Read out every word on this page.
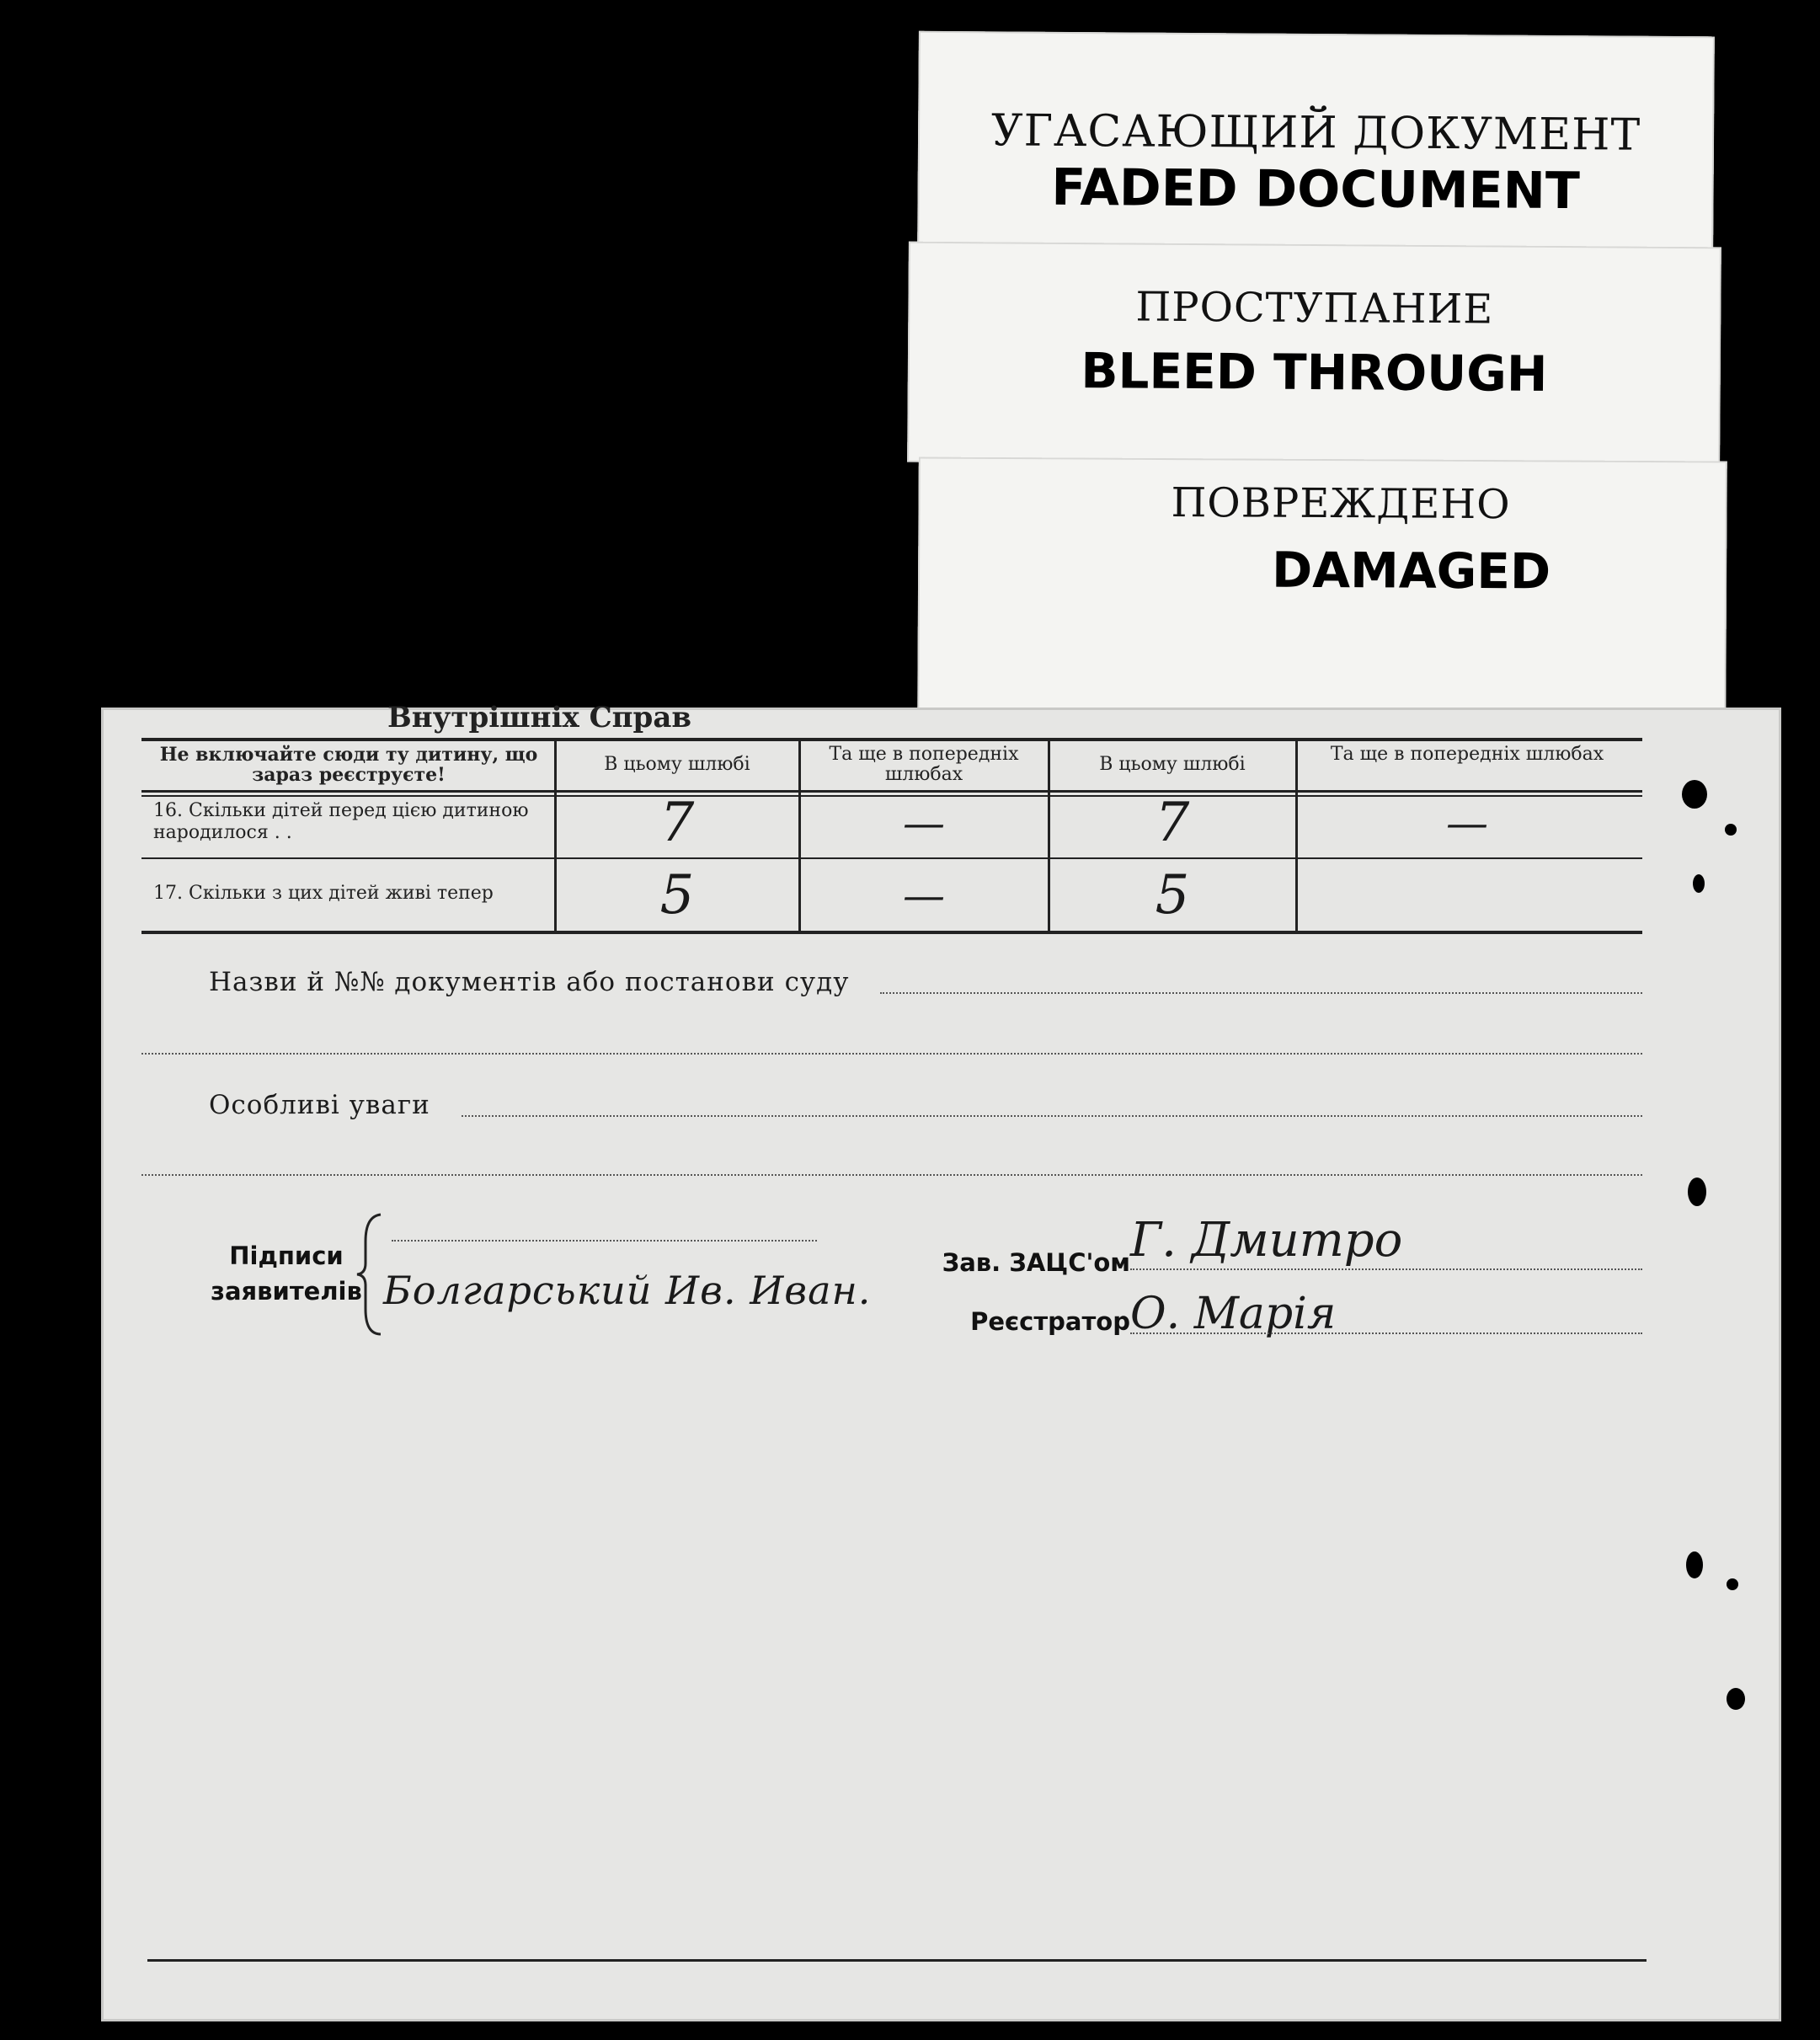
УГАСАЮЩИЙ ДОКУМЕНТ
FADED DOCUMENT
ПРОСТУПАНИЕ
BLEED THROUGH
ПОВРЕЖДЕНО
DAMAGED
Внутрішніх Справ
Не включайте сюди ту дитину, що зараз реєструєте!	В цьому шлюбі	Та ще в попередніх шлюбах	В цьому шлюбі	Та ще в попередніх шлюбах
16. Скільки дітей перед цією дитиною народилося . .	7	—	7	—
17. Скільки з цих дітей живі тепер	5	—	5
Назви й №№ документів або постанови суду
Особливі уваги
Підписи заявителів Болгарський Ив. Иван.
Зав. ЗАЦС'ом Г. Дмитро
Реєстратор О. Марія
